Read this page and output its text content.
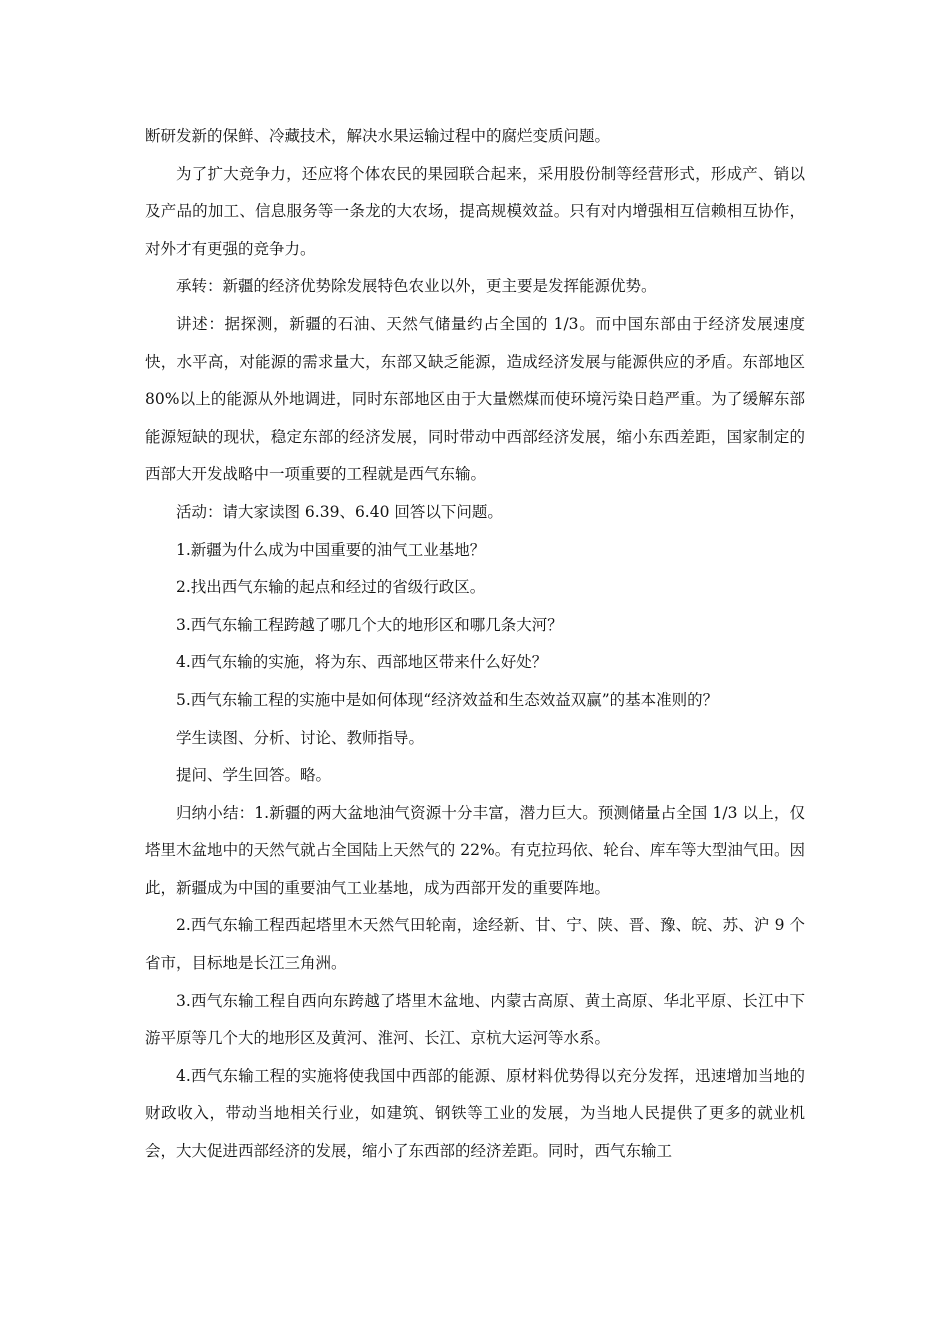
断研发新的保鲜、冷藏技术，解决水果运输过程中的腐烂变质问题。

为了扩大竞争力，还应将个体农民的果园联合起来，采用股份制等经营形式，形成产、销以及产品的加工、信息服务等一条龙的大农场，提高规模效益。只有对内增强相互信赖相互协作，对外才有更强的竞争力。

承转：新疆的经济优势除发展特色农业以外，更主要是发挥能源优势。

讲述：据探测，新疆的石油、天然气储量约占全国的 1/3。而中国东部由于经济发展速度快，水平高，对能源的需求量大，东部又缺乏能源，造成经济发展与能源供应的矛盾。东部地区 80%以上的能源从外地调进，同时东部地区由于大量燃煤而使环境污染日趋严重。为了缓解东部能源短缺的现状，稳定东部的经济发展，同时带动中西部经济发展，缩小东西差距，国家制定的西部大开发战略中一项重要的工程就是西气东输。

活动：请大家读图 6.39、6.40 回答以下问题。

1.新疆为什么成为中国重要的油气工业基地？

2.找出西气东输的起点和经过的省级行政区。

3.西气东输工程跨越了哪几个大的地形区和哪几条大河？

4.西气东输的实施，将为东、西部地区带来什么好处？

5.西气东输工程的实施中是如何体现“经济效益和生态效益双赢”的基本准则的？

学生读图、分析、讨论、教师指导。

提问、学生回答。略。

归纳小结：1.新疆的两大盆地油气资源十分丰富，潜力巨大。预测储量占全国 1/3 以上，仅塔里木盆地中的天然气就占全国陆上天然气的 22%。有克拉玛依、轮台、库车等大型油气田。因此，新疆成为中国的重要油气工业基地，成为西部开发的重要阵地。

2.西气东输工程西起塔里木天然气田轮南，途经新、甘、宁、陕、晋、豫、皖、苏、沪 9 个省市，目标地是长江三角洲。

3.西气东输工程自西向东跨越了塔里木盆地、内蒙古高原、黄土高原、华北平原、长江中下游平原等几个大的地形区及黄河、淮河、长江、京杭大运河等水系。

4.西气东输工程的实施将使我国中西部的能源、原材料优势得以充分发挥，迅速增加当地的财政收入，带动当地相关行业，如建筑、钢铁等工业的发展，为当地人民提供了更多的就业机会，大大促进西部经济的发展，缩小了东西部的经济差距。同时，西气东输工
